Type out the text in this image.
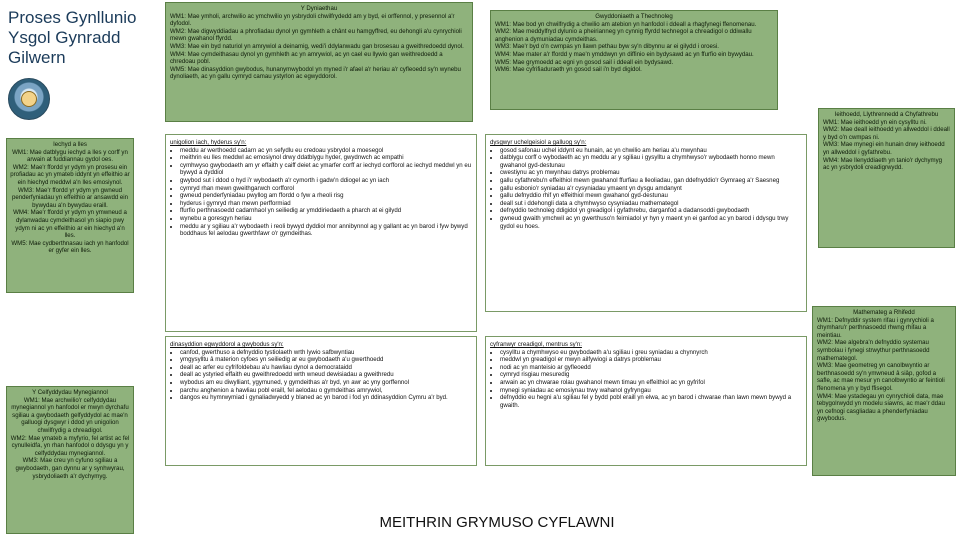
Proses Gynllunio Ysgol Gynradd Gilwern

Iechyd a lles

WM1: Mae datblygu iechyd a lles y corff yn arwain at fuddiannau gydol oes.
WM2: Mae'r ffordd yr ydym yn prosesu ein profiadau ac yn ymateb iddynt yn effeithio ar ein hiechyd meddwl a'n lles emosiynol.
WM3: Mae'r ffordd yr ydym yn gwneud penderfyniadau yn effeithio ar ansawdd ein bywydau a'n bywydau eraill.
WM4: Mae'r ffordd yr ydym yn ymwneud a dylanwadau cymdeithasol yn siapio pwy ydym ni ac yn effeithio ar ein hiechyd a'n lles.
WM5: Mae cydberthnasau iach yn hanfodol er gyfer ein lles.

Y Celfyddydau Mynegiannol

WM1: Mae archwilio'r celfyddydau mynegiannol yn hanfodol er mwyn dyrchafu sgiliau a gwybodaeth gelfyddydol ac mae'n galluogi dysgwyr i ddod yn unigolion chwilfrydig a chreadigol.
WM2: Mae ymateb a myfyrio, fel artist ac fel cynulleidfa, yn rhan hanfodol o ddysgu yn y celfyddydau mynegiannol.
WM3: Mae creu yn cyfuno sgiliau a gwybodaeth, gan dynnu ar y synhwyrau, ysbrydoliaeth a'r dychymyg.

Y Dyniaethau

WM1: Mae ymholi, archwilio ac ymchwilio yn ysbrydoli chwilfrydedd am y byd, ei orffennol, y presennol a'r dyfodol.
WM2: Mae digwyddiadau a phrofiadau dynol yn gymhleth a chânt eu hamgyffred, eu dehongli a'u cynrychioli mewn gwahanol ffyrdd.
WM3: Mae ein byd naturiol yn amrywiol a deinamig, wedi'i ddylanwadu gan brosesau a gweithredoedd dynol.
WM4: Mae cymdeithasau dynol yn gymhleth ac yn amrywiol, ac yn cael eu llywio gan weithredoedd a chredoau pobl.
WM5: Mae dinasyddion gwybodus, hunanymwybodol yn myned i'r afael a'r heriau a'r cyfleoedd sy'n wynebu dynoliaeth, ac yn gallu cymryd camau ystyrlon ac egwyddorol.

Gwyddoniaeth a Thechnoleg

WM1: Mae bod yn chwilfrydig a chwilio am atebion yn hanfodol i ddeall a rhagfynegi ffenomenau.
WM2: Mae meddylfryd dylunio a pheirianneg yn cynnig ffyrdd technegol a chreadigol o ddiwallu anghenion a dymuniadau cymdeithas.
WM3: Mae'r byd o'n cwmpas yn llawn pethau byw sy'n dibynnu ar ei gilydd i oroesi.
WM4: Mae mater a'r ffordd y mae'n ymddwyn yn diffinio ein bydysawd ac yn ffurfio ein bywydau.
WM5: Mae grymoedd ac egni yn gosod sail i ddeall ein bydysawd.
WM6: Mae cyfrifiaduraeth yn gosod sail i'n byd digidol.

Ieithoedd, Llythrennedd a Chyfathrebu

WM1: Mae ieithoedd yn ein cysylltu ni.
WM2: Mae deall ieithoedd yn allweddol i ddeall y byd o'n cwmpas ni.
WM3: Mae mynegi ein hunain drwy ieithoedd yn allweddol i gyfathrebu.
WM4: Mae llenyddiaeth yn tanio'r dychymyg ac yn ysbrydoli creadigrwydd.

Mathemateg a Rhifedd

WM1: Defnyddir system rifau i gynrychioli a chymharu'r perthnasoedd rhwng rhifau a meintiau.
WM2: Mae algebra'n defnyddio systemau symbolau i fynegi strwythur perthnasoedd mathemategol.
WM3: Mae geometreg yn canolbwyntio ar berthnasoedd sy'n ymwneud â siâp, gofod a safle, ac mae mesur yn canolbwyntio ar feintioli ffenomena yn y byd ffisegol.
WM4: Mae ystadegau yn cynrychioli data, mae tebygolrwydd yn modelu siawns, ac mae'r ddau yn cefnogi casgliadau a phenderfyniadau gwybodus.

unigolion iach, hyderus sy'n:

• meddu ar werthoedd cadarn ac yn sefydlu eu credoau ysbrydol a moesegol
• meithrin eu lles meddwl ac emosiynol drwy ddatblygu hyder, gwydnwch ac empathi
• cymhwyso gwybodaeth am yr effaith y caiff deiet ac ymarfer corff ar iechyd corfforol ac iechyd meddwl yn eu bywyd a dyddiol
• gwybod sut i ddod o hyd i'r wybodaeth a'r cymorth i gadw'n ddiogel ac yn iach
• cymryd rhan mewn gweithgarwch corfforol
• gwneud penderfyniadau pwyllog am ffordd o fyw a rheoli risg
• hyderus i gymryd rhan mewn perfformiad
• ffurfio perthnasoedd cadarnhaol yn seiliedig ar ymddiriedaeth a pharch at ei gilydd
• wynebu a goresgyn heriau
• meddu ar y sgiliau a'r wybodaeth i reoli bywyd dyddiol mor annibynnol ag y gallant ac yn barod i fyw bywyd boddhaus fel aelodau gwerthfawr o'r gymdeithas.

dysgwyr uchelgeisiol a galluog sy'n:

• gosod safonau uchel iddynt eu hunain, ac yn chwilio am heriau a'u mwynhau
• datblygu corff o wybodaeth ac yn meddu ar y sgiliau i gysylltu a chymhwyso'r wybodaeth honno mewn gwahanol gyd-destunau
• cwestiynu ac yn mwynhau datrys problemau
• gallu cyfathrebu'n effeithiol mewn gwahanol ffurfiau a lleoliadau, gan ddefnyddio'r Gymraeg a'r Saesneg
• gallu esbonio'r syniadau a'r cysyniadau ymaent yn dysgu amdanynt
• gallu defnyddio rhif yn effeithiol mewn gwahanol gyd-destunau
• deall sut i ddehongli data a chymhwyso cysyniadau mathemategol
• defnyddio technoleg ddigidol yn greadigol i gyfathrebu, darganfod a dadansoddi gwybodaeth
• gwneud gwaith ymchwil ac yn gwerthuso'n feirniadol yr hyn y maent yn ei ganfod ac yn barod i ddysgu trwy gydol eu hoes.

dinasyddion egwyddorol a gwybodus sy'n:

• canfod, gwerthuso a defnyddio tystiolaeth wrth lywio safbwyntiau
• ymgysylltu â materion cyfoes yn seiliedig ar eu gwybodaeth a'u gwerthoedd
• deall ac arfer eu cyfrifoldebau a'u hawliau dynol a democrataidd
• deall ac ystyried effaith eu gweithredoedd wrth wneud dewisiadau a gweithredu
• wybodus am eu diwylliant, ygymuned, y gymdeithas a'r byd, yn awr ac yny gorffennol
• parchu anghenion a hawliau pobl eraill, fel aelodau o gymdeithas amrywiol,
• dangos eu hymrwymiad i gynaliadwyedd y blaned ac yn barod i fod yn ddinasyddion Cymru a'r byd.

cyfranwyr creadigol, mentrus sy'n:

• cysylltu a chymhwyso eu gwybodaeth a'u sgiliau i greu syniadau a chynnyrch
• meddwl yn greadigol er mwyn ailfywiogi a datrys problemau
• nodi ac yn manteisio ar gyfleoedd
• cymryd risgiau mesuredig
• arwain ac yn chwarae rolau gwahanol mewn timau yn effeithiol ac yn gyfrifol
• mynegi syniadau ac emosiynau trwy wahanol gyfryngau
• defnyddio eu hegni a'u sgiliau fel y bydd pobl eraill yn elwa, ac yn barod i chwarae rhan lawn mewn bywyd a gwaith.
MEITHRIN GRYMUSO CYFLAWNI
